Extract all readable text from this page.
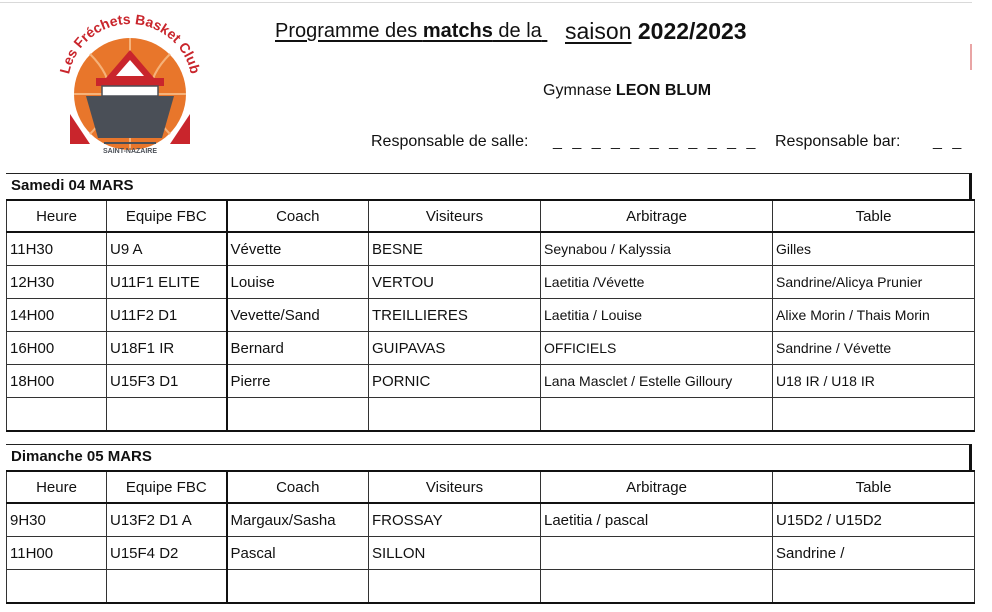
Les Fréchets Basket Club
SAINT-NAZAIRE
Programme des matchs de la saison 2022/2023
Gymnase LEON BLUM
Responsable de salle: _ _ _ _ _ _ _ _ _ _ _ Responsable bar: _ _
Samedi 04 MARS
Heure	Equipe FBC	Coach	Visiteurs	Arbitrage	Table
11H30	U9 A	Vévette	BESNE	Seynabou / Kalyssia	Gilles
12H30	U11F1 ELITE	Louise	VERTOU	Laetitia /Vévette	Sandrine/Alicya Prunier
14H00	U11F2 D1	Vevette/Sand	TREILLIERES	Laetitia / Louise	Alixe Morin / Thais Morin
16H00	U18F1 IR	Bernard	GUIPAVAS	OFFICIELS	Sandrine / Vévette
18H00	U15F3 D1	Pierre	PORNIC	Lana Masclet / Estelle Gilloury	U18 IR / U18 IR

Dimanche 05 MARS
Heure	Equipe FBC	Coach	Visiteurs	Arbitrage	Table
9H30	U13F2 D1 A	Margaux/Sasha	FROSSAY	Laetitia / pascal	U15D2 / U15D2
11H00	U15F4 D2	Pascal	SILLON		Sandrine /
